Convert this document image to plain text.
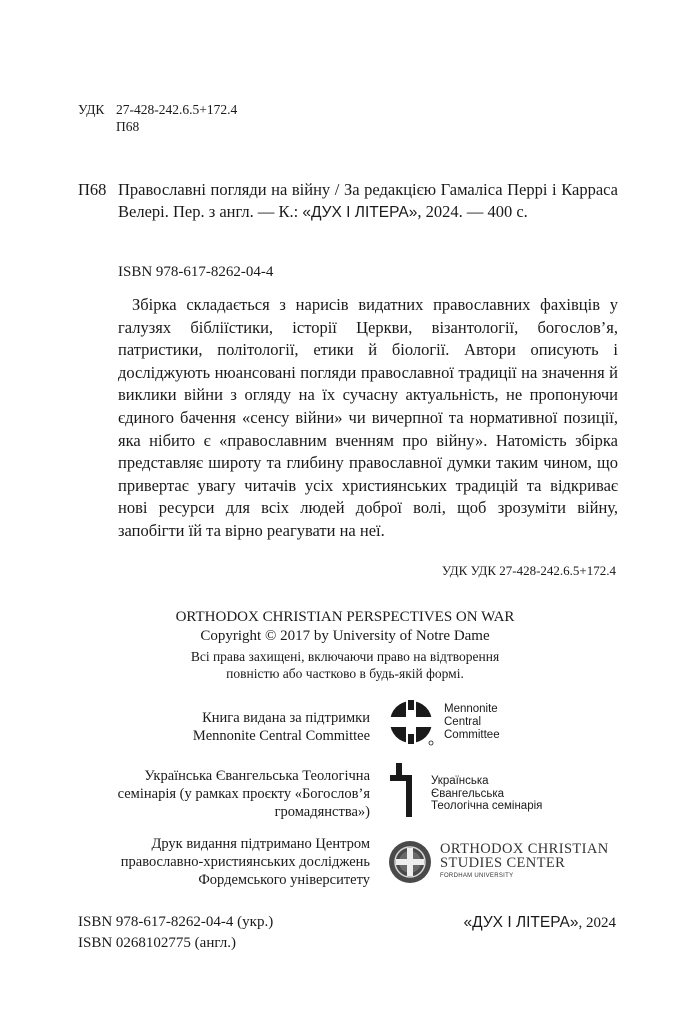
УДК 27-428-242.6.5+172.4
П68
П68 Православні погляди на війну / За редакцією Гамаліса Перрі і Карраса Велері. Пер. з англ. — К.: «ДУХ І ЛІТЕРА», 2024. — 400 с.
ISBN 978-617-8262-04-4
Збірка складається з нарисів видатних православних фахівців у галузях бібліїстики, історії Церкви, візантології, богослов’я, патристики, політології, етики й біології. Автори описують і досліджують нюансовані погляди православної традиції на значення й виклики війни з огляду на їх сучасну актуальність, не пропонуючи єдиного бачення «сенсу війни» чи вичерпної та нормативної позиції, яка нібито є «православним вченням про війну». Натомість збірка представляє широту та глибину православної думки таким чином, що привертає увагу читачів усіх християнських традицій та відкриває нові ресурси для всіх людей доброї волі, щоб зрозуміти війну, запобігти їй та вірно реагувати на неї.
УДК УДК 27-428-242.6.5+172.4
ORTHODOX CHRISTIAN PERSPECTIVES ON WAR
Copyright © 2017 by University of Notre Dame
Всі права захищені, включаючи право на відтворення
повністю або частково в будь-якій формі.
Книга видана за підтримки
Mennonite Central Committee
Mennonite
Central
Committee
Українська Євангельська Теологічна
семінарія (у рамках проєкту «Богослов’я
громадянства»)
Українська
Євангельська
Теологічна семінарія
Друк видання підтримано Центром
православно-християнських досліджень
Фордемського університету
ORTHODOX CHRISTIAN
STUDIES CENTER
FORDHAM UNIVERSITY
ISBN 978-617-8262-04-4 (укр.)
ISBN 0268102775 (англ.)
«ДУХ І ЛІТЕРА», 2024
